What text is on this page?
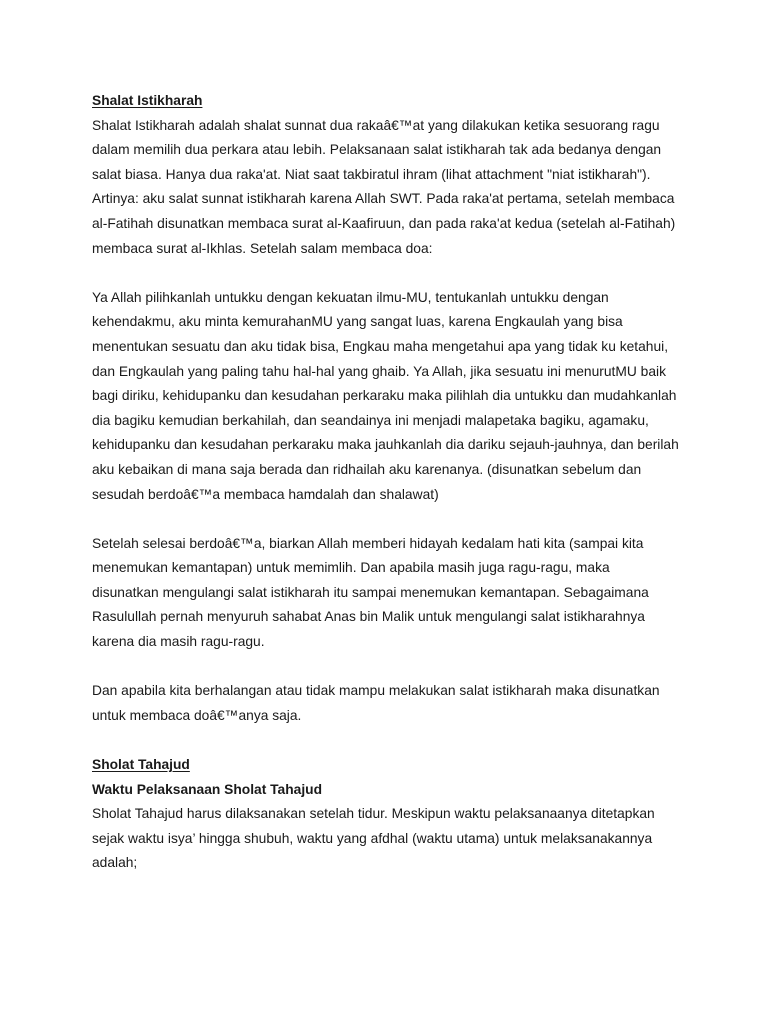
Shalat Istikharah

Shalat Istikharah adalah shalat sunnat dua rakaâ€™at yang dilakukan ketika sesuorang ragu
dalam memilih dua perkara atau lebih. Pelaksanaan salat istikharah tak ada bedanya dengan
salat biasa. Hanya dua raka'at. Niat saat takbiratul ihram (lihat attachment "niat istikharah").
Artinya: aku salat sunnat istikharah karena Allah SWT. Pada raka'at pertama, setelah membaca
al-Fatihah disunatkan membaca surat al-Kaafiruun, dan pada raka'at kedua (setelah al-Fatihah)
membaca surat al-Ikhlas. Setelah salam membaca doa:

Ya Allah pilihkanlah untukku dengan kekuatan ilmu-MU, tentukanlah untukku dengan
kehendakmu, aku minta kemurahanMU yang sangat luas, karena Engkaulah yang bisa
menentukan sesuatu dan aku tidak bisa, Engkau maha mengetahui apa yang tidak ku ketahui,
dan Engkaulah yang paling tahu hal-hal yang ghaib. Ya Allah, jika sesuatu ini menurutMU baik
bagi diriku, kehidupanku dan kesudahan perkaraku maka pilihlah dia untukku dan mudahkanlah
dia bagiku kemudian berkahilah, dan seandainya ini menjadi malapetaka bagiku, agamaku,
kehidupanku dan kesudahan perkaraku maka jauhkanlah dia dariku sejauh-jauhnya, dan berilah
aku kebaikan di mana saja berada dan ridhailah aku karenanya. (disunatkan sebelum dan
sesudah berdoâ€™a membaca hamdalah dan shalawat)

Setelah selesai berdoâ€™a, biarkan Allah memberi hidayah kedalam hati kita (sampai kita
menemukan kemantapan) untuk memimlih. Dan apabila masih juga ragu-ragu, maka
disunatkan mengulangi salat istikharah itu sampai menemukan kemantapan. Sebagaimana
Rasulullah pernah menyuruh sahabat Anas bin Malik untuk mengulangi salat istikharahnya
karena dia masih ragu-ragu.

Dan apabila kita berhalangan atau tidak mampu melakukan salat istikharah maka disunatkan
untuk membaca doâ€™anya saja.

Sholat Tahajud

Waktu Pelaksanaan Sholat Tahajud

Sholat Tahajud harus dilaksanakan setelah tidur. Meskipun waktu pelaksanaanya ditetapkan
sejak waktu isya’ hingga shubuh, waktu yang afdhal (waktu utama) untuk melaksanakannya
adalah;
